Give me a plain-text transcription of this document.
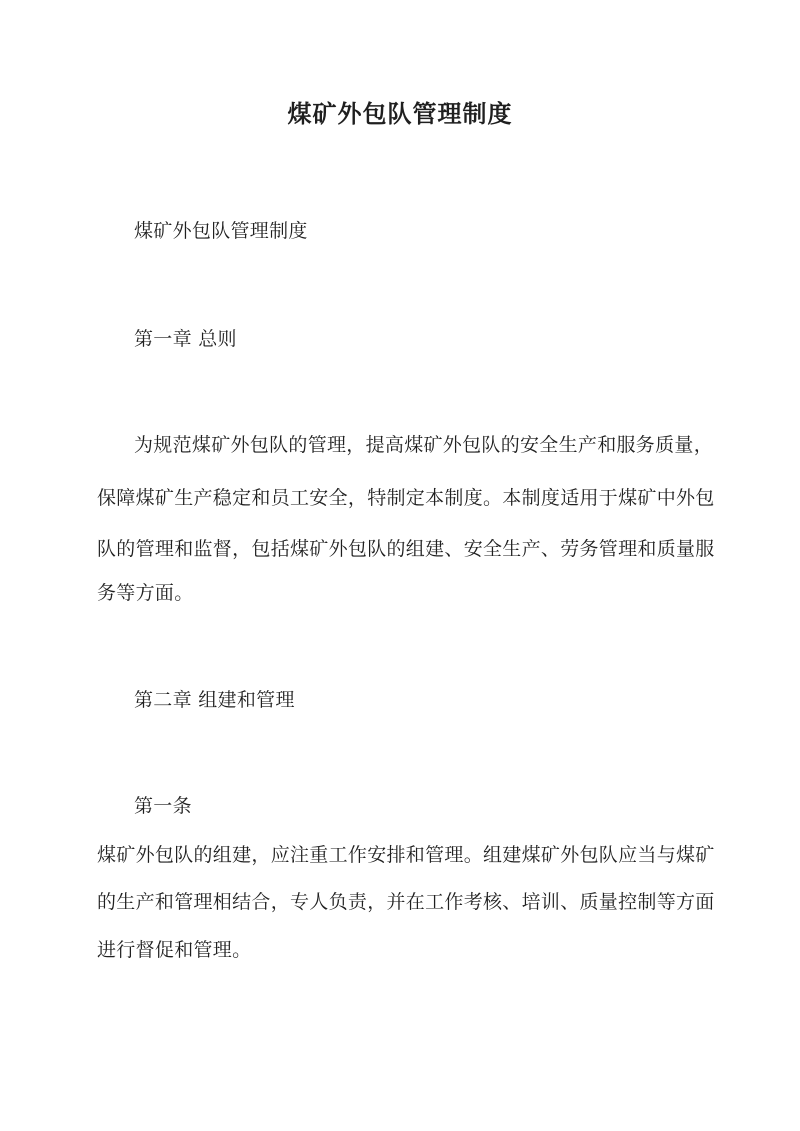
煤矿外包队管理制度
煤矿外包队管理制度
第一章 总则
为规范煤矿外包队的管理，提高煤矿外包队的安全生产和服务质量，
保障煤矿生产稳定和员工安全，特制定本制度。本制度适用于煤矿中外包
队的管理和监督，包括煤矿外包队的组建、安全生产、劳务管理和质量服
务等方面。
第二章 组建和管理
第一条
煤矿外包队的组建，应注重工作安排和管理。组建煤矿外包队应当与煤矿
的生产和管理相结合，专人负责，并在工作考核、培训、质量控制等方面
进行督促和管理。
